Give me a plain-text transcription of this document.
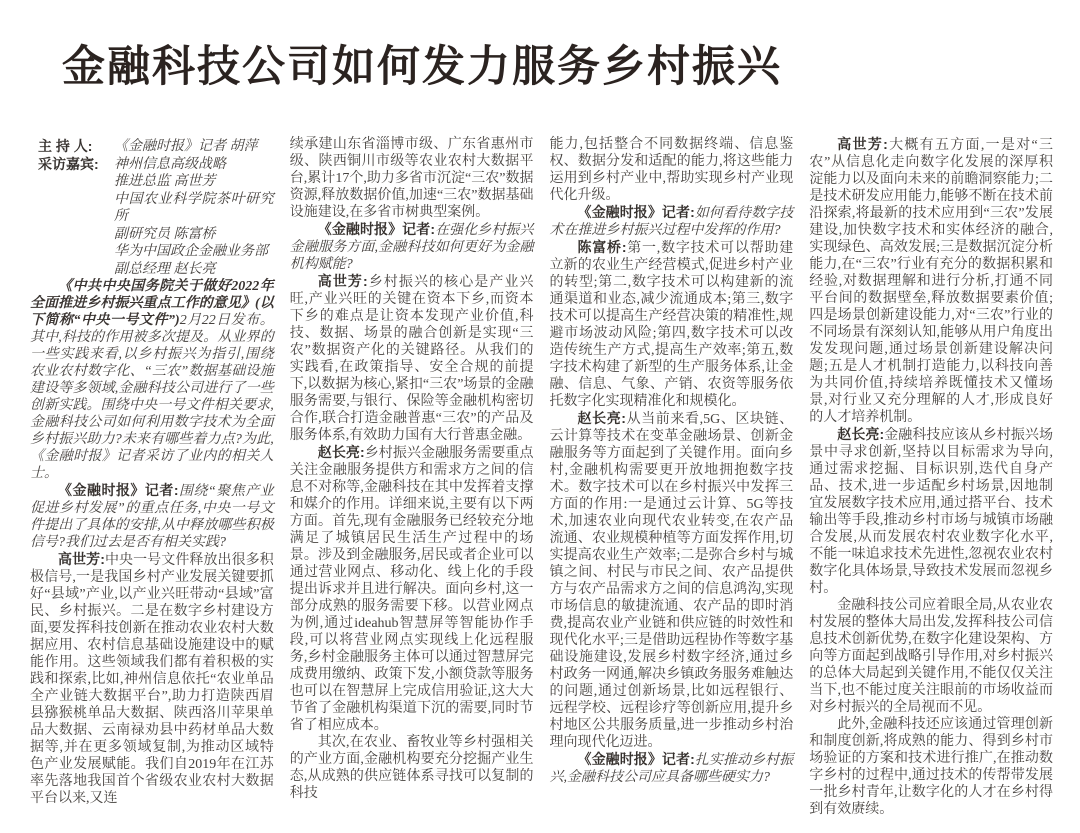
金融科技公司如何发力服务乡村振兴
主 持 人:	《金融时报》记者 胡萍
采访嘉宾:	神州信息高级战略
推进总监 高世芳
中国农业科学院茶叶研究所
副研究员 陈富桥
华为中国政企金融业务部
副总经理 赵长亮

《中共中央国务院关于做好2022年全面推进乡村振兴重点工作的意见》(以下简称“中央一号文件”)2月22日发布。其中,科技的作用被多次提及。从业界的一些实践来看,以乡村振兴为指引,围绕农业农村数字化、“三农”数据基础设施建设等多领域,金融科技公司进行了一些创新实践。围绕中央一号文件相关要求,金融科技公司如何利用数字技术为全面乡村振兴助力?未来有哪些着力点?为此,《金融时报》记者采访了业内的相关人士。

《金融时报》记者:围绕“聚焦产业促进乡村发展”的重点任务,中央一号文件提出了具体的安排,从中释放哪些积极信号?我们过去是否有相关实践?

高世芳:中央一号文件释放出很多积极信号,一是我国乡村产业发展关键要抓好“县域”产业,以产业兴旺带动“县域”富民、乡村振兴。二是在数字乡村建设方面,要发挥科技创新在推动农业农村大数据应用、农村信息基础设施建设中的赋能作用。这些领域我们都有着积极的实践和探索,比如,神州信息依托“农业单品全产业链大数据平台”,助力打造陕西眉县猕猴桃单品大数据、陕西洛川苹果单品大数据、云南禄劝县中药材单品大数据等,并在更多领域复制,为推动区域特色产业发展赋能。我们自2019年在江苏率先落地我国首个省级农业农村大数据平台以来,又连

续承建山东省淄博市级、广东省惠州市级、陕西铜川市级等农业农村大数据平台,累计17个,助力多省市沉淀“三农”数据资源,释放数据价值,加速“三农”数据基础设施建设,在多省市树典型案例。

《金融时报》记者:在强化乡村振兴金融服务方面,金融科技如何更好为金融机构赋能?

高世芳:乡村振兴的核心是产业兴旺,产业兴旺的关键在资本下乡,而资本下乡的难点是让资本发现产业价值,科技、数据、场景的融合创新是实现“三农”数据资产化的关键路径。从我们的实践看,在政策指导、安全合规的前提下,以数据为核心,紧扣“三农”场景的金融服务需要,与银行、保险等金融机构密切合作,联合打造金融普惠“三农”的产品及服务体系,有效助力国有大行普惠金融。

赵长亮:乡村振兴金融服务需要重点关注金融服务提供方和需求方之间的信息不对称等,金融科技在其中发挥着支撑和媒介的作用。详细来说,主要有以下两方面。首先,现有金融服务已经较充分地满足了城镇居民生活生产过程中的场景。涉及到金融服务,居民或者企业可以通过营业网点、移动化、线上化的手段提出诉求并且进行解决。面向乡村,这一部分成熟的服务需要下移。以营业网点为例,通过ideahub智慧屏等智能协作手段,可以将营业网点实现线上化远程服务,乡村金融服务主体可以通过智慧屏完成费用缴纳、政策下发,小额贷款等服务也可以在智慧屏上完成信用验证,这大大节省了金融机构渠道下沉的需要,同时节省了相应成本。

其次,在农业、畜牧业等乡村强相关的产业方面,金融机构要充分挖掘产业生态,从成熟的供应链体系寻找可以复制的科技

能力,包括整合不同数据终端、信息鉴权、数据分发和适配的能力,将这些能力运用到乡村产业中,帮助实现乡村产业现代化升级。

《金融时报》记者:如何看待数字技术在推进乡村振兴过程中发挥的作用?

陈富桥:第一,数字技术可以帮助建立新的农业生产经营模式,促进乡村产业的转型;第二,数字技术可以构建新的流通渠道和业态,减少流通成本;第三,数字技术可以提高生产经营决策的精准性,规避市场波动风险;第四,数字技术可以改造传统生产方式,提高生产效率;第五,数字技术构建了新型的生产服务体系,让金融、信息、气象、产销、农资等服务依托数字化实现精准化和规模化。

赵长亮:从当前来看,5G、区块链、云计算等技术在变革金融场景、创新金融服务等方面起到了关键作用。面向乡村,金融机构需要更开放地拥抱数字技术。数字技术可以在乡村振兴中发挥三方面的作用:一是通过云计算、5G等技术,加速农业向现代农业转变,在农产品流通、农业规模种植等方面发挥作用,切实提高农业生产效率;二是弥合乡村与城镇之间、村民与市民之间、农产品提供方与农产品需求方之间的信息鸿沟,实现市场信息的敏捷流通、农产品的即时消费,提高农业产业链和供应链的时效性和现代化水平;三是借助远程协作等数字基础设施建设,发展乡村数字经济,通过乡村政务一网通,解决乡镇政务服务难触达的问题,通过创新场景,比如远程银行、远程学校、远程诊疗等创新应用,提升乡村地区公共服务质量,进一步推动乡村治理向现代化迈进。

《金融时报》记者:扎实推动乡村振兴,金融科技公司应具备哪些硬实力?

高世芳:大概有五方面,一是对“三农”从信息化走向数字化发展的深厚积淀能力以及面向未来的前瞻洞察能力;二是技术研发应用能力,能够不断在技术前沿探索,将最新的技术应用到“三农”发展建设,加快数字技术和实体经济的融合,实现绿色、高效发展;三是数据沉淀分析能力,在“三农”行业有充分的数据积累和经验,对数据理解和进行分析,打通不同平台间的数据壁垒,释放数据要素价值;四是场景创新建设能力,对“三农”行业的不同场景有深刻认知,能够从用户角度出发发现问题,通过场景创新建设解决问题;五是人才机制打造能力,以科技向善为共同价值,持续培养既懂技术又懂场景,对行业又充分理解的人才,形成良好的人才培养机制。

赵长亮:金融科技应该从乡村振兴场景中寻求创新,坚持以目标需求为导向,通过需求挖掘、目标识别,迭代自身产品、技术,进一步适配乡村场景,因地制宜发展数字技术应用,通过搭平台、技术输出等手段,推动乡村市场与城镇市场融合发展,从而发展农村农业数字化水平,不能一味追求技术先进性,忽视农业农村数字化具体场景,导致技术发展而忽视乡村。

金融科技公司应着眼全局,从农业农村发展的整体大局出发,发挥科技公司信息技术创新优势,在数字化建设架构、方向等方面起到战略引导作用,对乡村振兴的总体大局起到关键作用,不能仅仅关注当下,也不能过度关注眼前的市场收益而对乡村振兴的全局视而不见。

此外,金融科技还应该通过管理创新和制度创新,将成熟的能力、得到乡村市场验证的方案和技术进行推广,在推动数字乡村的过程中,通过技术的传帮带发展一批乡村青年,让数字化的人才在乡村得到有效赓续。
